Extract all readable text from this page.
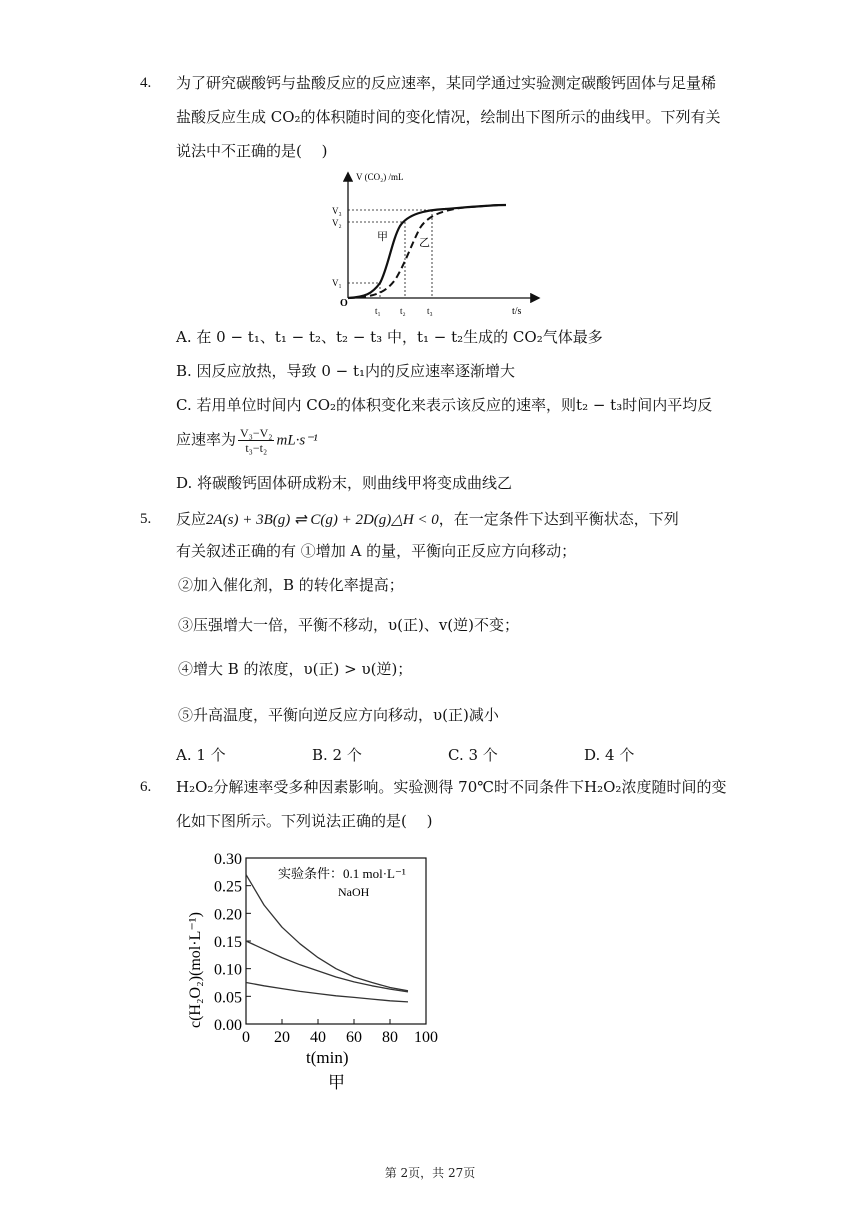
4. 为了研究碳酸钙与盐酸反应的反应速率，某同学通过实验测定碳酸钙固体与足量稀
盐酸反应生成 CO₂的体积随时间的变化情况，绘制出下图所示的曲线甲。下列有关
说法中不正确的是(　 )
V (CO₂) /mL
t/s
O
V₁
V₂
V₃
t₁ t₂ t₃
甲	乙
A. 在 0 − t₁、t₁ − t₂、t₂ − t₃ 中，t₁ − t₂生成的 CO₂气体最多
B. 因反应放热，导致 0 − t₁内的反应速率逐渐增大
C. 若用单位时间内 CO₂的体积变化来表示该反应的速率，则t₂ − t₃时间内平均反
应速率为 $\frac{\text{V₃−V₂}}{\text{t₃−t₂}} mL\cdot s^{-1}$
D. 将碳酸钙固体研成粉末，则曲线甲将变成曲线乙
5. 反应2A(s) + 3B(g) ⇌ C(g) + 2D(g)△H < 0，在一定条件下达到平衡状态，下列
有关叙述正确的有 ①增加 A 的量，平衡向正反应方向移动；
②加入催化剂，B 的转化率提高；
③压强增大一倍，平衡不移动，υ(正)、v(逆)不变；
④增大 B 的浓度，υ(正) > υ(逆)；
⑤升高温度，平衡向逆反应方向移动，υ(正)减小
A. 1 个	B. 2 个	C. 3 个	D. 4 个
6. H₂O₂分解速率受多种因素影响。实验测得 70℃时不同条件下H₂O₂浓度随时间的变
化如下图所示。下列说法正确的是(　 )
实验条件：0.1 mol·L⁻¹
NaOH
c(H₂O₂)(mol·L⁻¹)
t(min)
甲
0.30
0.25
0.20
0.15
0.10
0.05
0.00
0 20 40 60 80 100
第 2页，共 27页
